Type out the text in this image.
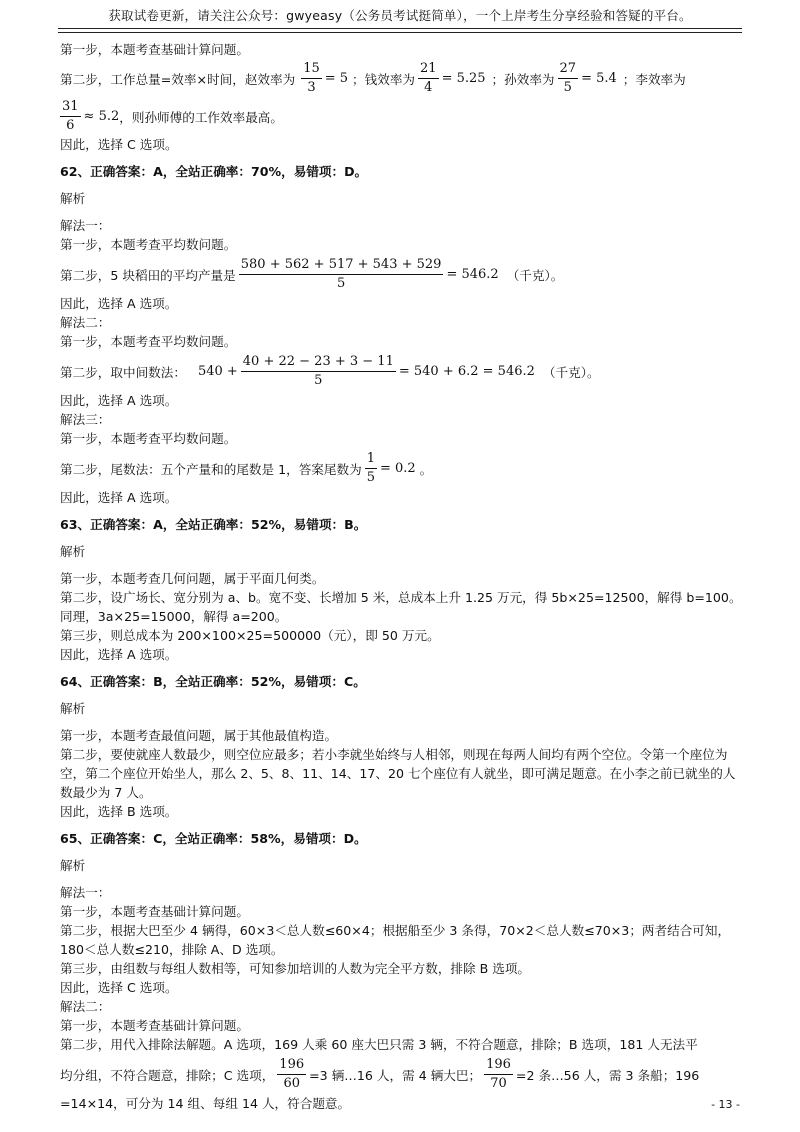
获取试卷更新，请关注公众号：gwyeasy（公务员考试挺简单），一个上岸考生分享经验和答疑的平台。
第一步，本题考查基础计算问题。
第二步，工作总量=效率×时间，赵效率为 $\frac{15}{3} = 5$ ；钱效率为 $\frac{21}{4} = 5.25$ ；孙效率为 $\frac{27}{5} = 5.4$ ；李效率为
$\frac{31}{6} \approx 5.2$ ，则孙师傅的工作效率最高。
因此，选择 C 选项。
62、正确答案：A，全站正确率：70%，易错项：D。
解析
解法一：
第一步，本题考查平均数问题。
第二步，5 块稻田的平均产量是 $\frac{580 + 562 + 517 + 543 + 529}{5} = 546.2$ （千克）。
因此，选择 A 选项。
解法二：
第一步，本题考查平均数问题。
第二步，取中间数法： $540 + \frac{40 + 22 - 23 + 3 - 11}{5} = 540 + 6.2 = 546.2$ （千克）。
因此，选择 A 选项。
解法三：
第一步，本题考查平均数问题。
第二步，尾数法：五个产量和的尾数是 1，答案尾数为 $\frac{1}{5} = 0.2$ 。
因此，选择 A 选项。
63、正确答案：A，全站正确率：52%，易错项：B。
解析
第一步，本题考查几何问题，属于平面几何类。
第二步，设广场长、宽分别为 a、b。宽不变、长增加 5 米，总成本上升 1.25 万元，得 5b×25=12500，解得 b=100。同理，3a×25=15000，解得 a=200。
第三步，则总成本为 200×100×25=500000（元），即 50 万元。
因此，选择 A 选项。
64、正确答案：B，全站正确率：52%，易错项：C。
解析
第一步，本题考查最值问题，属于其他最值构造。
第二步，要使就座人数最少，则空位应最多；若小李就坐始终与人相邻，则现在每两人间均有两个空位。令第一个座位为空，第二个座位开始坐人，那么 2、5、8、11、14、17、20 七个座位有人就坐，即可满足题意。在小李之前已就坐的人数最少为 7 人。
因此，选择 B 选项。
65、正确答案：C，全站正确率：58%，易错项：D。
解析
解法一：
第一步，本题考查基础计算问题。
第二步，根据大巴至少 4 辆得，60×3＜总人数≤60×4；根据船至少 3 条得，70×2＜总人数≤70×3；两者结合可知，180＜总人数≤210，排除 A、D 选项。
第三步，由组数与每组人数相等，可知参加培训的人数为完全平方数，排除 B 选项。
因此，选择 C 选项。
解法二：
第一步，本题考查基础计算问题。
第二步，用代入排除法解题。A 选项，169 人乘 60 座大巴只需 3 辆，不符合题意，排除；B 选项，181 人无法平
均分组，不符合题意，排除；C 选项， $\frac{196}{60} =3$ 辆…16 人，需 4 辆大巴； $\frac{196}{70} =2$ 条…56 人，需 3 条船；196
=14×14，可分为 14 组、每组 14 人，符合题意。	- 13 -
